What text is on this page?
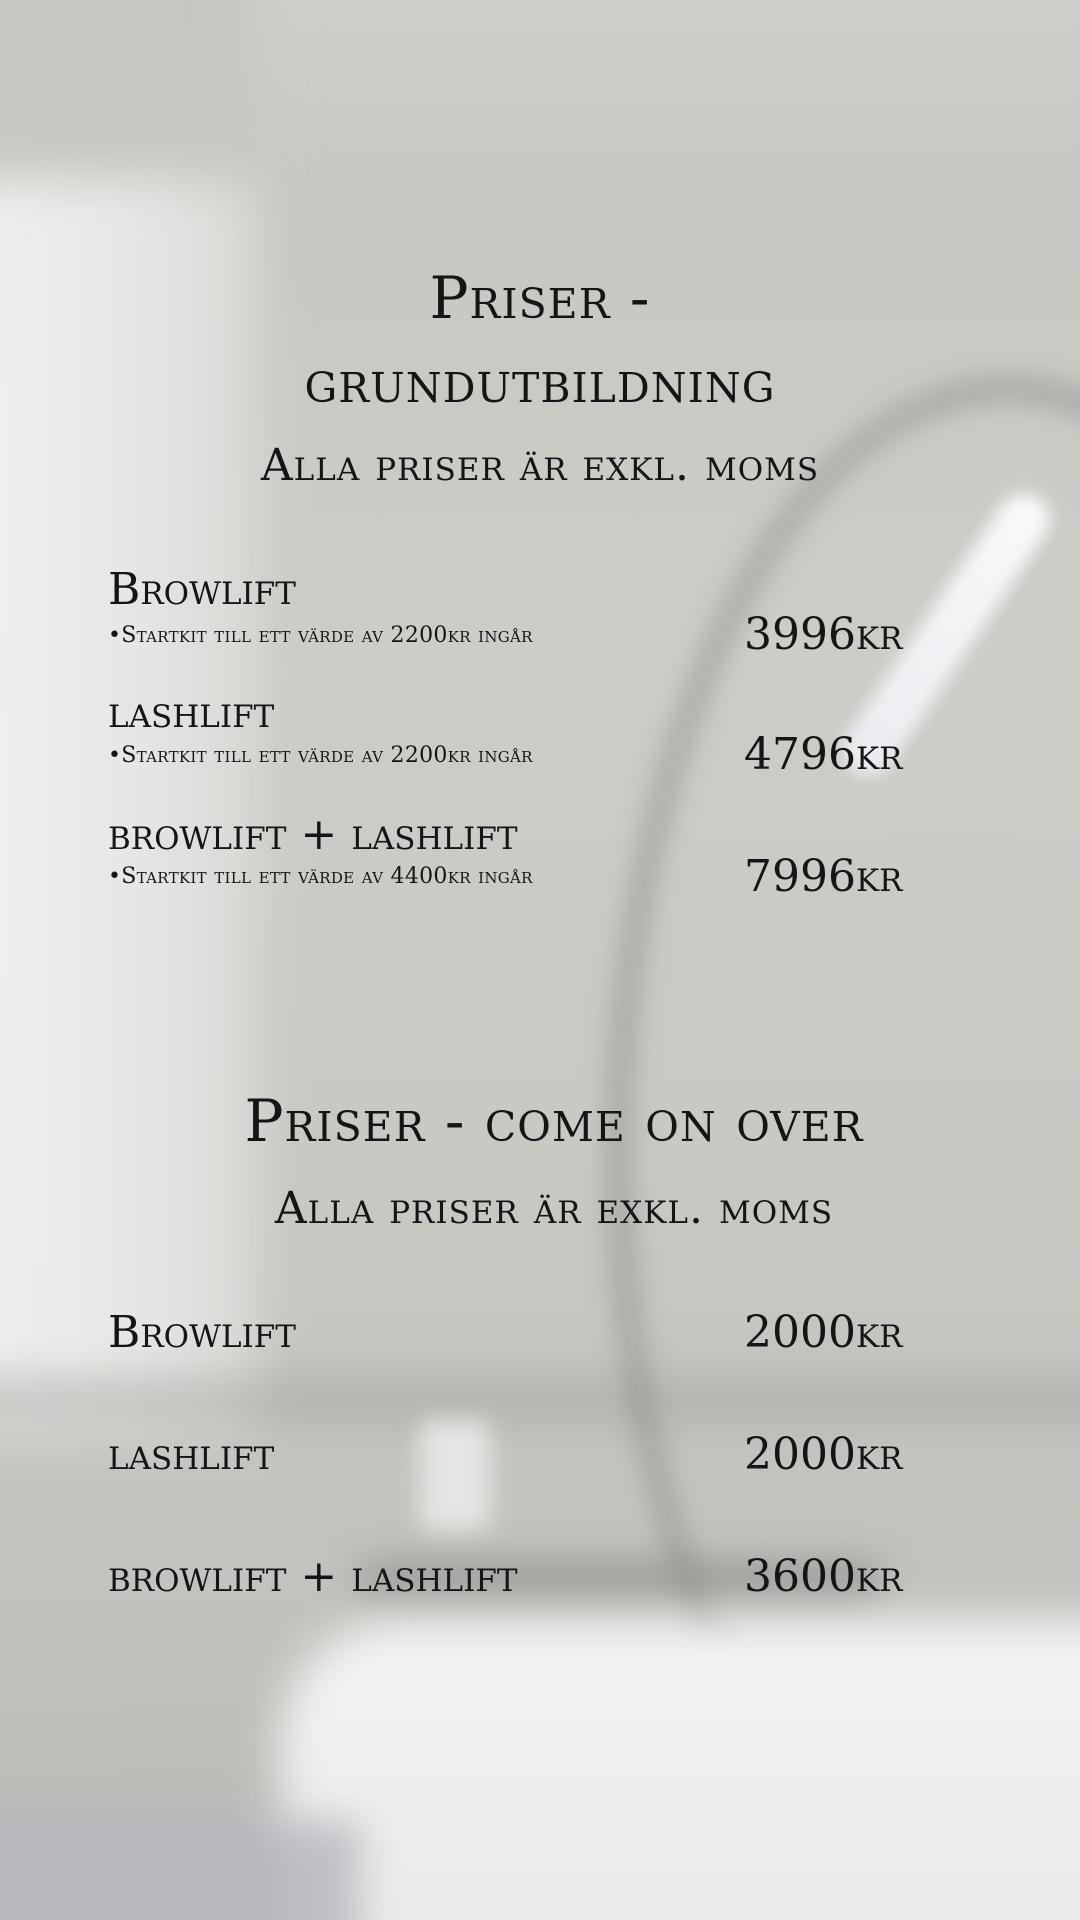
Priser -
grundutbildning
Alla priser är exkl. moms
Browlift
•Startkit till ett värde av 2200kr ingår	3996kr
lashlift
•Startkit till ett värde av 2200kr ingår	4796kr
browlift + lashlift
•Startkit till ett värde av 4400kr ingår	7996kr
Priser - come on over
Alla priser är exkl. moms
Browlift	2000kr
lashlift	2000kr
browlift + lashlift	3600kr
